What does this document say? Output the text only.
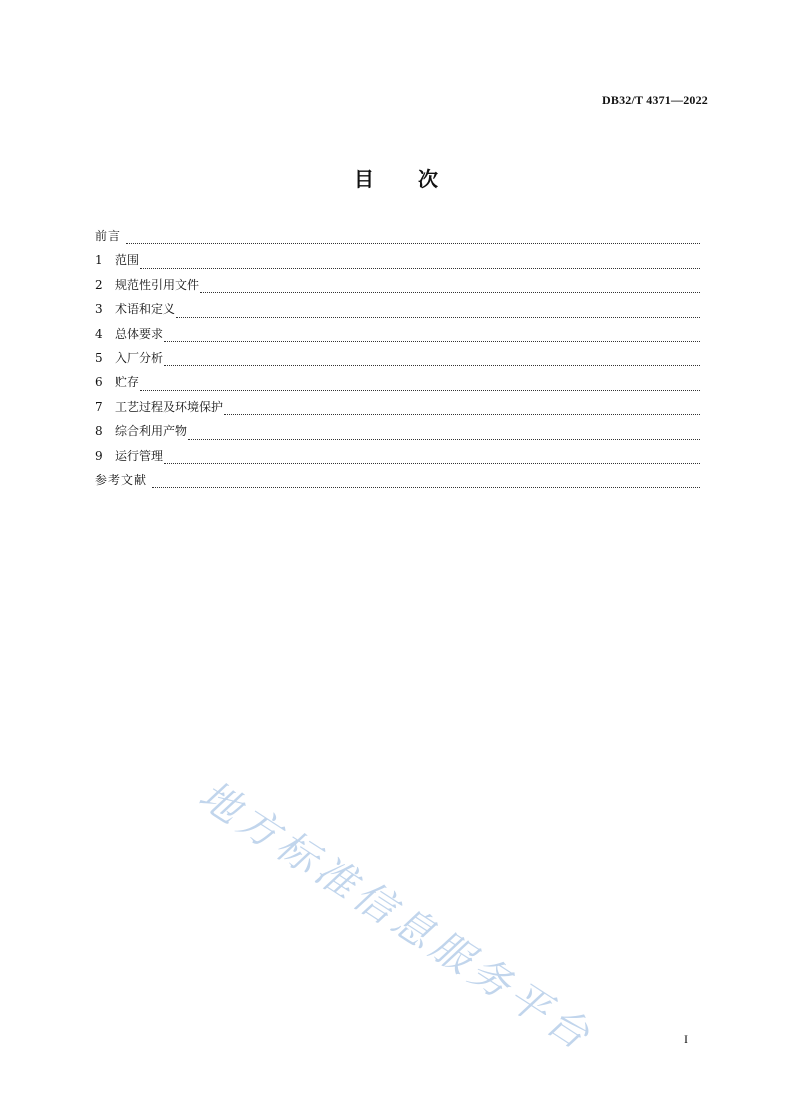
DB32/T 4371—2022
目 次
前言
1	范围
2	规范性引用文件
3	术语和定义
4	总体要求
5	入厂分析
6	贮存
7	工艺过程及环境保护
8	综合利用产物
9	运行管理
参考文献
地方标准信息服务平台	I
